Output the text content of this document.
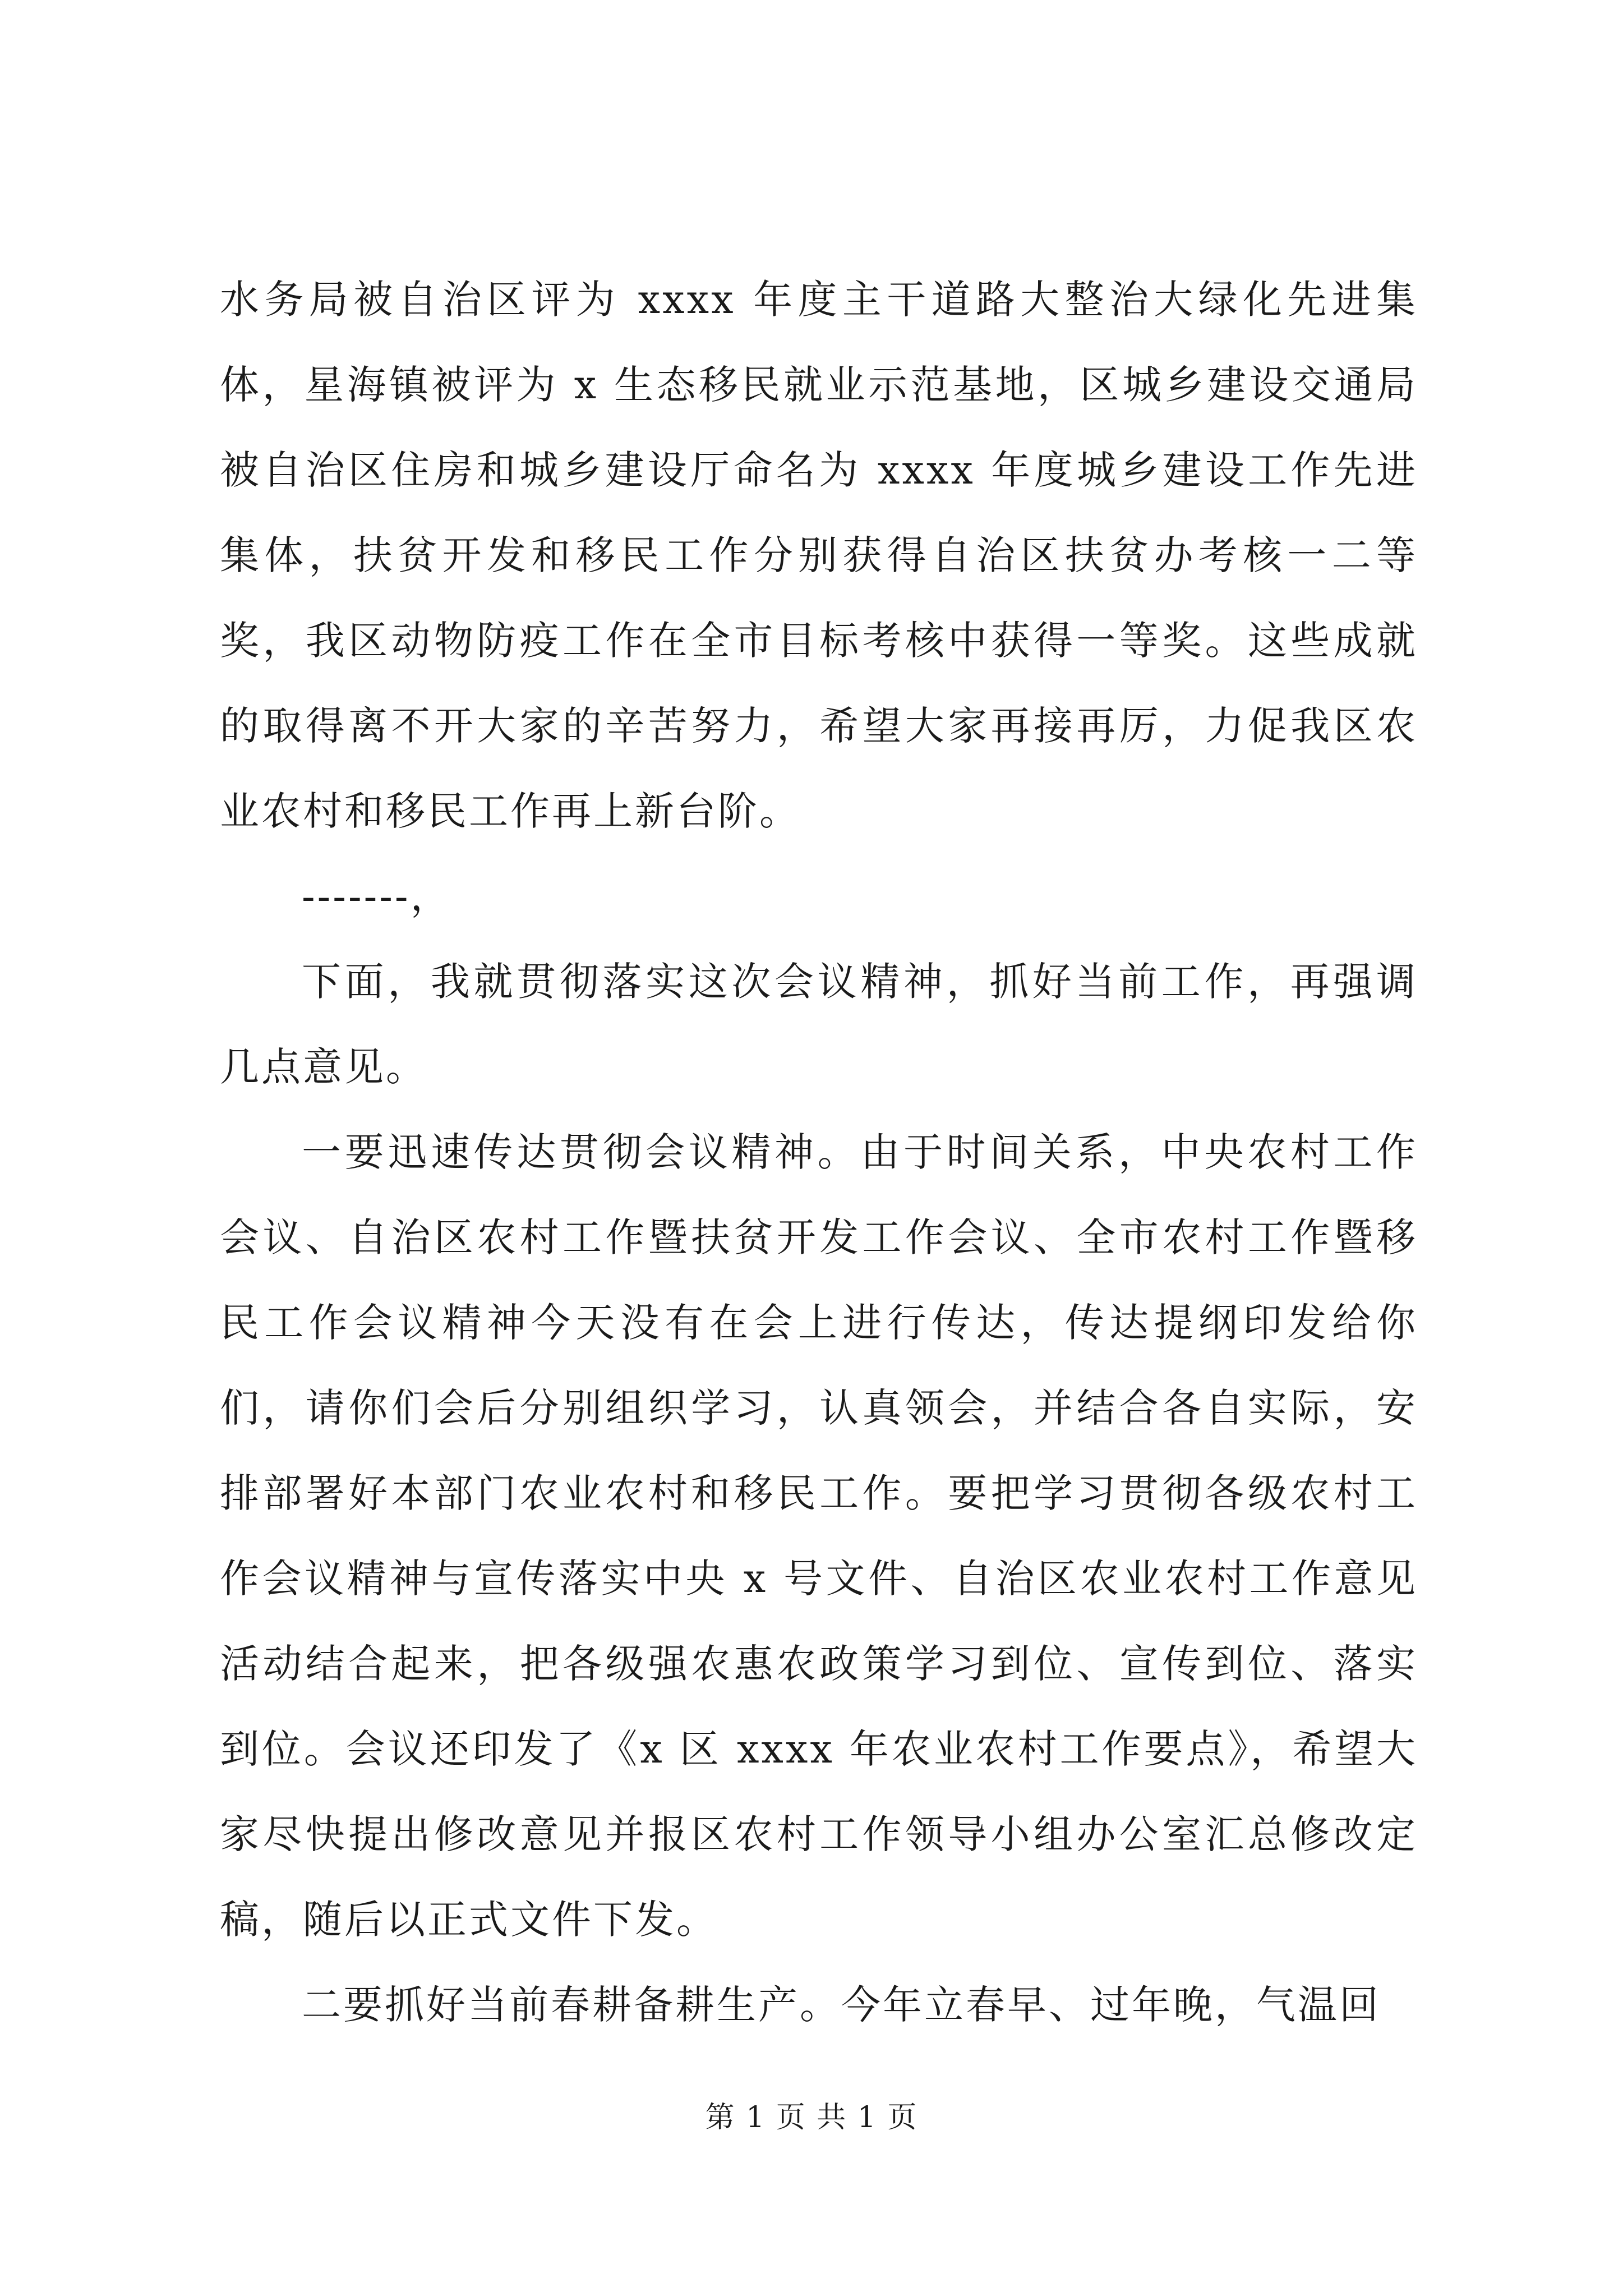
水务局被自治区评为 xxxx 年度主干道路大整治大绿化先进集体，星海镇被评为 x 生态移民就业示范基地，区城乡建设交通局被自治区住房和城乡建设厅命名为 xxxx 年度城乡建设工作先进集体，扶贫开发和移民工作分别获得自治区扶贫办考核一二等奖，我区动物防疫工作在全市目标考核中获得一等奖。这些成就的取得离不开大家的辛苦努力，希望大家再接再厉，力促我区农业农村和移民工作再上新台阶。

-------，

下面，我就贯彻落实这次会议精神，抓好当前工作，再强调几点意见。

一要迅速传达贯彻会议精神。由于时间关系，中央农村工作会议、自治区农村工作暨扶贫开发工作会议、全市农村工作暨移民工作会议精神今天没有在会上进行传达，传达提纲印发给你们，请你们会后分别组织学习，认真领会，并结合各自实际，安排部署好本部门农业农村和移民工作。要把学习贯彻各级农村工作会议精神与宣传落实中央 x 号文件、自治区农业农村工作意见活动结合起来，把各级强农惠农政策学习到位、宣传到位、落实到位。会议还印发了《x 区 xxxx 年农业农村工作要点》，希望大家尽快提出修改意见并报区农村工作领导小组办公室汇总修改定稿，随后以正式文件下发。

二要抓好当前春耕备耕生产。今年立春早、过年晚，气温回

第 1 页 共 1 页
